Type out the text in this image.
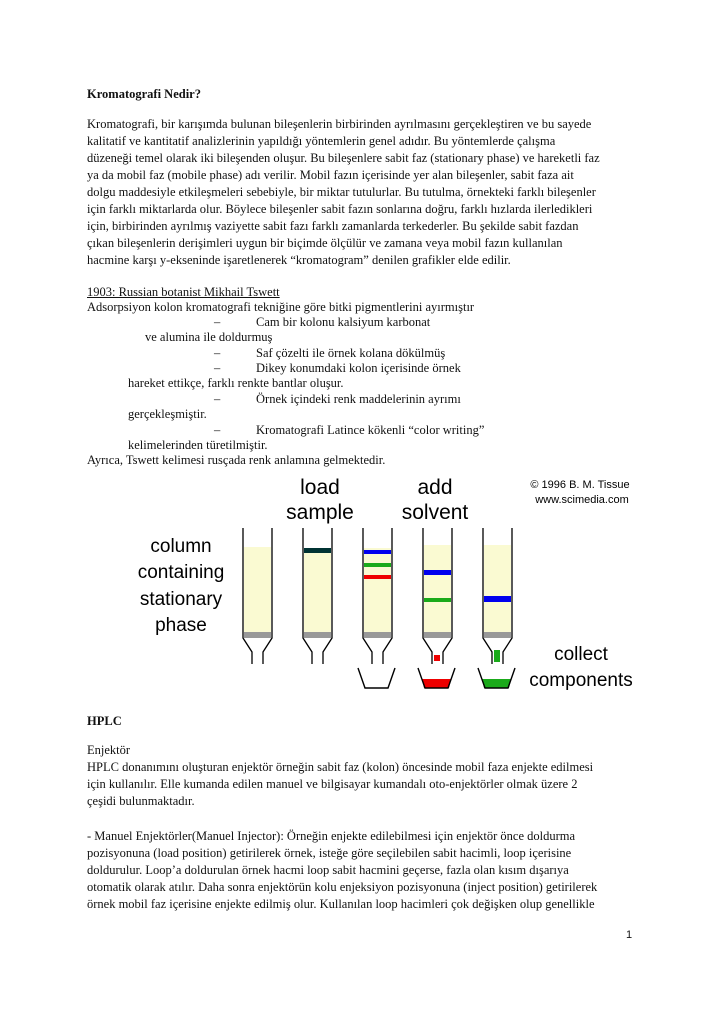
Kromatografi Nedir?
Kromatografi, bir karışımda bulunan bileşenlerin birbirinden ayrılmasını gerçekleştiren ve bu sayede
kalitatif ve kantitatif analizlerinin yapıldığı yöntemlerin genel adıdır. Bu yöntemlerde çalışma
düzeneği temel olarak iki bileşenden oluşur. Bu bileşenlere sabit faz (stationary phase) ve hareketli faz
ya da mobil faz (mobile phase) adı verilir. Mobil fazın içerisinde yer alan bileşenler, sabit faza ait
dolgu maddesiyle etkileşmeleri sebebiyle, bir miktar tutulurlar. Bu tutulma, örnekteki farklı bileşenler
için farklı miktarlarda olur. Böylece bileşenler sabit fazın sonlarına doğru, farklı hızlarda ilerledikleri
için, birbirinden ayrılmış vaziyette sabit fazı farklı zamanlarda terkederler. Bu şekilde sabit fazdan
çıkan bileşenlerin derişimleri uygun bir biçimde ölçülür ve zamana veya mobil fazın kullanılan
hacmine karşı y-ekseninde işaretlenerek “kromatogram” denilen grafikler elde edilir.
1903: Russian botanist Mikhail Tswett
Adsorpsiyon kolon kromatografi tekniğine göre bitki pigmentlerini ayırmıştır
–	Cam bir kolonu kalsiyum karbonat
ve alumina ile doldurmuş
–	Saf çözelti ile örnek kolana dökülmüş
–	Dikey konumdaki kolon içerisinde örnek
hareket ettikçe, farklı renkte bantlar oluşur.
–	Örnek içindeki renk maddelerinin ayrımı
gerçekleşmiştir.
–	Kromatografi Latince kökenli “color writing”
kelimelerinden türetilmiştir.
Ayrıca, Tswett kelimesi rusçada renk anlamına gelmektedir.
load
sample
add
solvent
© 1996 B. M. Tissue
www.scimedia.com
column
containing
stationary
phase
collect
components
HPLC
Enjektör
HPLC donanımını oluşturan enjektör örneğin sabit faz (kolon) öncesinde mobil faza enjekte edilmesi
için kullanılır. Elle kumanda edilen manuel ve bilgisayar kumandalı oto-enjektörler olmak üzere 2
çeşidi bulunmaktadır.
- Manuel Enjektörler(Manuel Injector): Örneğin enjekte edilebilmesi için enjektör önce doldurma
pozisyonuna (load position) getirilerek örnek, isteğe göre seçilebilen sabit hacimli, loop içerisine
doldurulur. Loop’a doldurulan örnek hacmi loop sabit hacmini geçerse, fazla olan kısım dışarıya
otomatik olarak atılır. Daha sonra enjektörün kolu enjeksiyon pozisyonuna (inject position) getirilerek
örnek mobil faz içerisine enjekte edilmiş olur. Kullanılan loop hacimleri çok değişken olup genellikle
1
